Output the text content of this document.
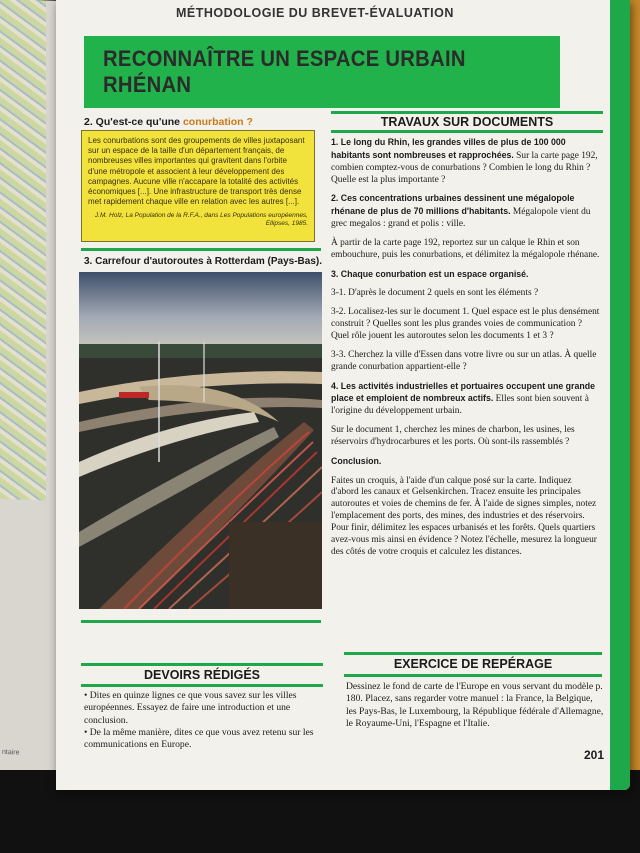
ntaire
MÉTHODOLOGIE DU BREVET-ÉVALUATION
RECONNAÎTRE UN ESPACE URBAIN RHÉNAN
2. Qu'est-ce qu'une conurbation ?
Les conurbations sont des groupements de villes juxtaposant sur un espace de la taille d'un département français, de nombreuses villes importantes qui gravitent dans l'orbite d'une métropole et associent à leur développement des campagnes. Aucune ville n'accapare la totalité des activités économiques [...]. Une infrastructure de transport très dense met rapidement chaque ville en relation avec les autres [...].
J.M. Holz, La Population de la R.F.A., dans Les Populations européennes, Ellipses, 1985.
3. Carrefour d'autoroutes à Rotterdam (Pays-Bas).
TRAVAUX SUR DOCUMENTS

1. Le long du Rhin, les grandes villes de plus de 100 000 habitants sont nombreuses et rapprochées. Sur la carte page 192, combien comptez-vous de conurbations ? Combien le long du Rhin ? Quelle est la plus importante ?

2. Ces concentrations urbaines dessinent une mégalopole rhénane de plus de 70 millions d'habitants. Mégalopole vient du grec megalos : grand et polis : ville.

À partir de la carte page 192, reportez sur un calque le Rhin et son embouchure, puis les conurbations, et délimitez la mégalopole rhénane.

3. Chaque conurbation est un espace organisé.

3-1. D'après le document 2 quels en sont les éléments ?

3-2. Localisez-les sur le document 1. Quel espace est le plus densément construit ? Quelles sont les plus grandes voies de communication ? Quel rôle jouent les autoroutes selon les documents 1 et 3 ?

3-3. Cherchez la ville d'Essen dans votre livre ou sur un atlas. À quelle grande conurbation appartient-elle ?

4. Les activités industrielles et portuaires occupent une grande place et emploient de nombreux actifs. Elles sont bien souvent à l'origine du développement urbain.

Sur le document 1, cherchez les mines de charbon, les usines, les réservoirs d'hydrocarbures et les ports. Où sont-ils rassemblés ?

Conclusion.

Faites un croquis, à l'aide d'un calque posé sur la carte. Indiquez d'abord les canaux et Gelsenkirchen. Tracez ensuite les principales autoroutes et voies de chemins de fer. À l'aide de signes simples, notez l'emplacement des ports, des mines, des industries et des réservoirs. Pour finir, délimitez les espaces urbanisés et les forêts. Quels quartiers avez-vous mis ainsi en évidence ? Notez l'échelle, mesurez la longueur des côtés de votre croquis et calculez les distances.

DEVOIRS RÉDIGÉS
• Dites en quinze lignes ce que vous savez sur les villes européennes. Essayez de faire une introduction et une conclusion.
• De la même manière, dites ce que vous avez retenu sur les communications en Europe.
EXERCICE DE REPÉRAGE
Dessinez le fond de carte de l'Europe en vous servant du modèle p. 180. Placez, sans regarder votre manuel : la France, la Belgique, les Pays-Bas, le Luxembourg, la République fédérale d'Allemagne, le Royaume-Uni, l'Espagne et l'Italie.
201
